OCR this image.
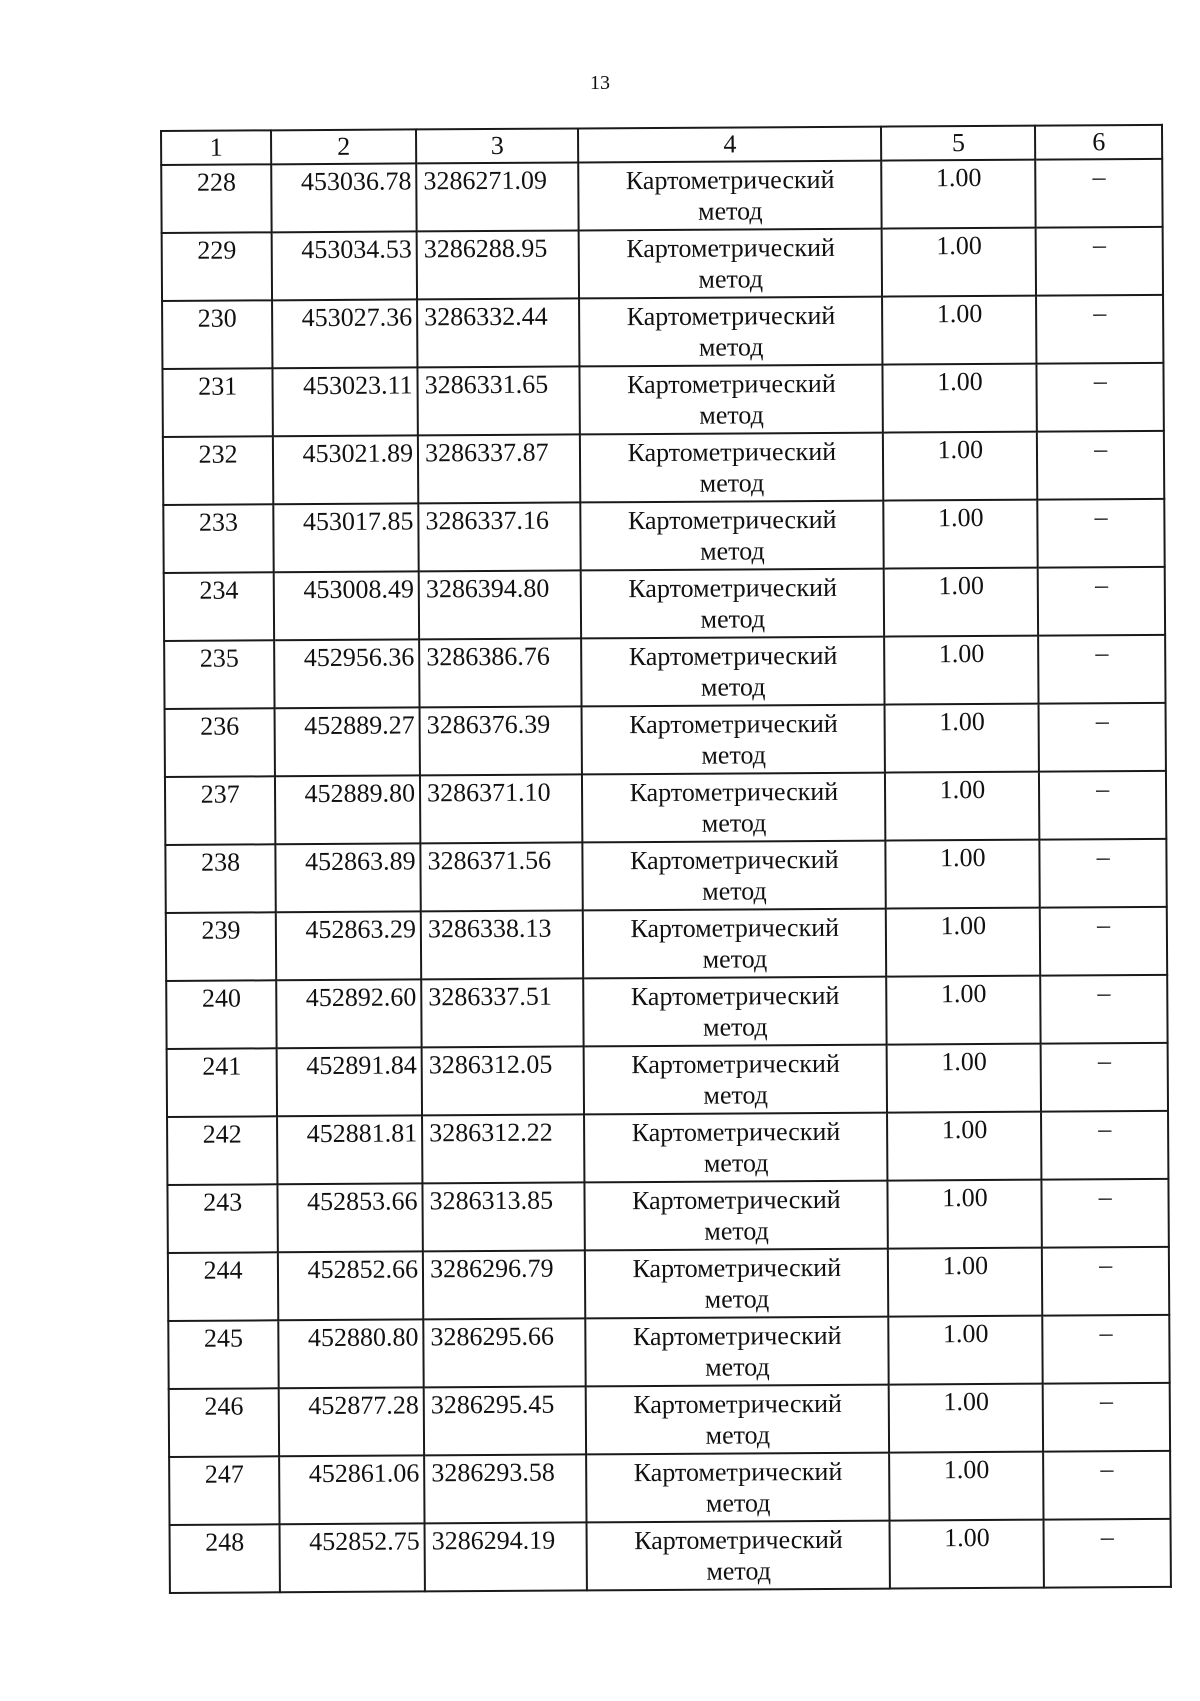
13
1	2	3	4	5	6
228	453036.78	3286271.09	Картометрический
метод	1.00	–
229	453034.53	3286288.95	Картометрический
метод	1.00	–
230	453027.36	3286332.44	Картометрический
метод	1.00	–
231	453023.11	3286331.65	Картометрический
метод	1.00	–
232	453021.89	3286337.87	Картометрический
метод	1.00	–
233	453017.85	3286337.16	Картометрический
метод	1.00	–
234	453008.49	3286394.80	Картометрический
метод	1.00	–
235	452956.36	3286386.76	Картометрический
метод	1.00	–
236	452889.27	3286376.39	Картометрический
метод	1.00	–
237	452889.80	3286371.10	Картометрический
метод	1.00	–
238	452863.89	3286371.56	Картометрический
метод	1.00	–
239	452863.29	3286338.13	Картометрический
метод	1.00	–
240	452892.60	3286337.51	Картометрический
метод	1.00	–
241	452891.84	3286312.05	Картометрический
метод	1.00	–
242	452881.81	3286312.22	Картометрический
метод	1.00	–
243	452853.66	3286313.85	Картометрический
метод	1.00	–
244	452852.66	3286296.79	Картометрический
метод	1.00	–
245	452880.80	3286295.66	Картометрический
метод	1.00	–
246	452877.28	3286295.45	Картометрический
метод	1.00	–
247	452861.06	3286293.58	Картометрический
метод	1.00	–
248	452852.75	3286294.19	Картометрический
метод	1.00	–
